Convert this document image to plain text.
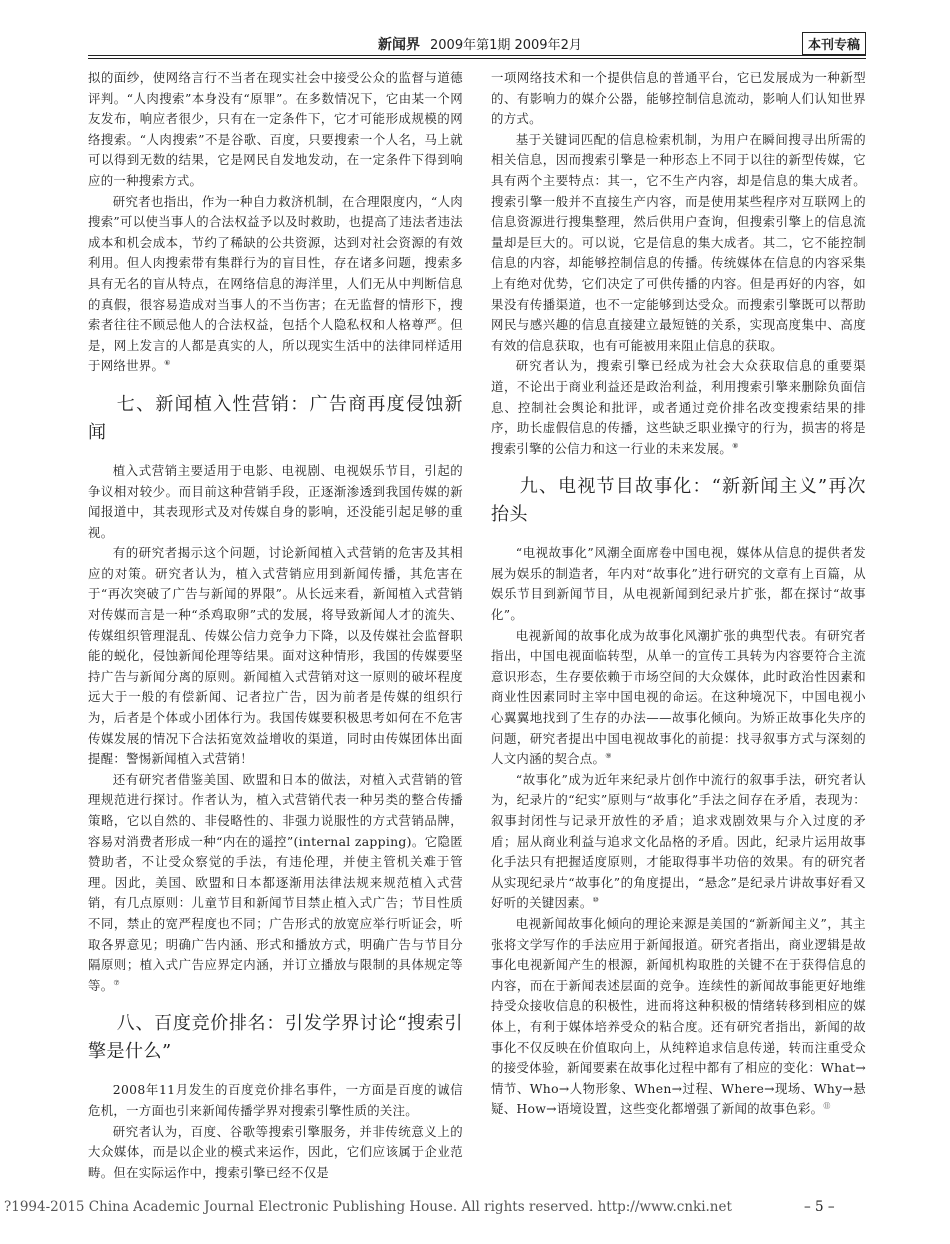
新闻界 2009年第1期 2009年2月	本刊专稿

拟的面纱，使网络言行不当者在现实社会中接受公众的监督与道德评判。“人肉搜索”本身没有“原罪”。在多数情况下，它由某一个网友发布，响应者很少，只有在一定条件下，它才可能形成规模的网络搜索。“人肉搜索”不是谷歌、百度，只要搜索一个人名，马上就可以得到无数的结果，它是网民自发地发动，在一定条件下得到响应的一种搜索方式。

研究者也指出，作为一种自力救济机制，在合理限度内，“人肉搜索”可以使当事人的合法权益予以及时救助，也提高了违法者违法成本和机会成本，节约了稀缺的公共资源，达到对社会资源的有效利用。但人肉搜索带有集群行为的盲目性，存在诸多问题，搜索多具有无名的盲从特点，在网络信息的海洋里，人们无从中判断信息的真假，很容易造成对当事人的不当伤害；在无监督的情形下，搜索者往往不顾忌他人的合法权益，包括个人隐私权和人格尊严。但是，网上发言的人都是真实的人，所以现实生活中的法律同样适用于网络世界。⑥

七、新闻植入性营销：广告商再度侵蚀新闻

植入式营销主要适用于电影、电视剧、电视娱乐节目，引起的争议相对较少。而目前这种营销手段，正逐渐渗透到我国传媒的新闻报道中，其表现形式及对传媒自身的影响，还没能引起足够的重视。

有的研究者揭示这个问题，讨论新闻植入式营销的危害及其相应的对策。研究者认为，植入式营销应用到新闻传播，其危害在于“再次突破了广告与新闻的界限”。从长远来看，新闻植入式营销对传媒而言是一种“杀鸡取卵”式的发展，将导致新闻人才的流失、传媒组织管理混乱、传媒公信力竞争力下降，以及传媒社会监督职能的蜕化，侵蚀新闻伦理等结果。面对这种情形，我国的传媒要坚持广告与新闻分离的原则。新闻植入式营销对这一原则的破坏程度远大于一般的有偿新闻、记者拉广告，因为前者是传媒的组织行为，后者是个体或小团体行为。我国传媒要积极思考如何在不危害传媒发展的情况下合法拓宽效益增收的渠道，同时由传媒团体出面提醒：警惕新闻植入式营销！

还有研究者借鉴美国、欧盟和日本的做法，对植入式营销的管理规范进行探讨。作者认为，植入式营销代表一种另类的整合传播策略，它以自然的、非侵略性的、非强力说服性的方式营销品牌，容易对消费者形成一种“内在的遥控”(internal zapping)。它隐匿赞助者，不让受众察觉的手法，有违伦理，并使主管机关难于管理。因此，美国、欧盟和日本都逐渐用法律法规来规范植入式营销，有几点原则：儿童节目和新闻节目禁止植入式广告；节目性质不同，禁止的宽严程度也不同；广告形式的放宽应举行听证会，听取各界意见；明确广告内涵、形式和播放方式，明确广告与节目分隔原则；植入式广告应界定内涵，并订立播放与限制的具体规定等等。⑦

八、百度竞价排名：引发学界讨论“搜索引擎是什么”

2008年11月发生的百度竞价排名事件，一方面是百度的诚信危机，一方面也引来新闻传播学界对搜索引擎性质的关注。

研究者认为，百度、谷歌等搜索引擎服务，并非传统意义上的大众媒体，而是以企业的模式来运作，因此，它们应该属于企业范畴。但在实际运作中，搜索引擎已经不仅是

一项网络技术和一个提供信息的普通平台，它已发展成为一种新型的、有影响力的媒介公器，能够控制信息流动，影响人们认知世界的方式。

基于关键词匹配的信息检索机制，为用户在瞬间搜寻出所需的相关信息，因而搜索引擎是一种形态上不同于以往的新型传媒，它具有两个主要特点：其一，它不生产内容，却是信息的集大成者。搜索引擎一般并不直接生产内容，而是使用某些程序对互联网上的信息资源进行搜集整理，然后供用户查询，但搜索引擎上的信息流量却是巨大的。可以说，它是信息的集大成者。其二，它不能控制信息的内容，却能够控制信息的传播。传统媒体在信息的内容采集上有绝对优势，它们决定了可供传播的内容。但是再好的内容，如果没有传播渠道，也不一定能够到达受众。而搜索引擎既可以帮助网民与感兴趣的信息直接建立最短链的关系，实现高度集中、高度有效的信息获取，也有可能被用来阻止信息的获取。

研究者认为，搜索引擎已经成为社会大众获取信息的重要渠道，不论出于商业利益还是政治利益，利用搜索引擎来删除负面信息、控制社会舆论和批评，或者通过竞价排名改变搜索结果的排序，助长虚假信息的传播，这些缺乏职业操守的行为，损害的将是搜索引擎的公信力和这一行业的未来发展。⑧

九、电视节目故事化：“新新闻主义”再次抬头

“电视故事化”风潮全面席卷中国电视，媒体从信息的提供者发展为娱乐的制造者，年内对“故事化”进行研究的文章有上百篇，从娱乐节目到新闻节目，从电视新闻到纪录片扩张，都在探讨“故事化”。

电视新闻的故事化成为故事化风潮扩张的典型代表。有研究者指出，中国电视面临转型，从单一的宣传工具转为内容要符合主流意识形态，生存要依赖于市场空间的大众媒体，此时政治性因素和商业性因素同时主宰中国电视的命运。在这种境况下，中国电视小心翼翼地找到了生存的办法——故事化倾向。为矫正故事化失序的问题，研究者提出中国电视故事化的前提：找寻叙事方式与深刻的人文内涵的契合点。⑨

“故事化”成为近年来纪录片创作中流行的叙事手法，研究者认为，纪录片的“纪实”原则与“故事化”手法之间存在矛盾，表现为：叙事封闭性与记录开放性的矛盾；追求戏剧效果与介入过度的矛盾；屈从商业利益与追求文化品格的矛盾。因此，纪录片运用故事化手法只有把握适度原则，才能取得事半功倍的效果。有的研究者从实现纪录片“故事化”的角度提出，“悬念”是纪录片讲故事好看又好听的关键因素。⑩

电视新闻故事化倾向的理论来源是美国的“新新闻主义”，其主张将文学写作的手法应用于新闻报道。研究者指出，商业逻辑是故事化电视新闻产生的根源，新闻机构取胜的关键不在于获得信息的内容，而在于新闻表述层面的竞争。连续性的新闻故事能更好地维持受众接收信息的积极性，进而将这种积极的情绪转移到相应的媒体上，有利于媒体培养受众的粘合度。还有研究者指出，新闻的故事化不仅反映在价值取向上，从纯粹追求信息传递，转而注重受众的接受体验，新闻要素在故事化过程中都有了相应的变化：What→情节、Who→人物形象、When→过程、Where→现场、Why→悬疑、How→语境设置，这些变化都增强了新闻的故事色彩。⑪

?1994-2015 China Academic Journal Electronic Publishing House. All rights reserved. http://www.cnki.net	– 5 –
